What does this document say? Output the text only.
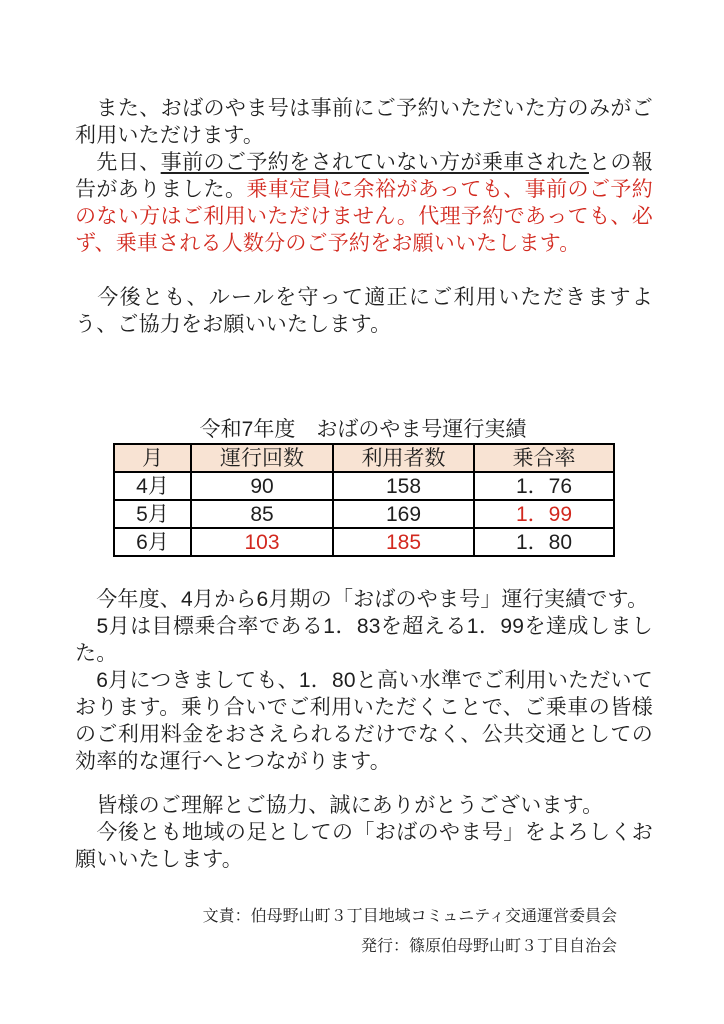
　また、おばのやま号は事前にご予約いただいた方のみがご利用いただけます。

　先日、事前のご予約をされていない方が乗車されたとの報告がありました。乗車定員に余裕があっても、事前のご予約のない方はご利用いただけません。代理予約であっても、必ず、乗車される人数分のご予約をお願いいたします。

　今後とも、ルールを守って適正にご利用いただきますよう、ご協力をお願いいたします。

令和7年度　おばのやま号運行実績
月	運行回数	利用者数	乗合率
4月	90	158	1．76
5月	85	169	1．99
6月	103	185	1．80

　今年度、4月から6月期の「おばのやま号」運行実績です。

　5月は目標乗合率である1．83を超える1．99を達成しました。

　6月につきましても、1．80と高い水準でご利用いただいております。乗り合いでご利用いただくことで、ご乗車の皆様のご利用料金をおさえられるだけでなく、公共交通としての効率的な運行へとつながります。

　皆様のご理解とご協力、誠にありがとうございます。

　今後とも地域の足としての「おばのやま号」をよろしくお願いいたします。

文責：伯母野山町３丁目地域コミュニティ交通運営委員会
発行：篠原伯母野山町３丁目自治会
